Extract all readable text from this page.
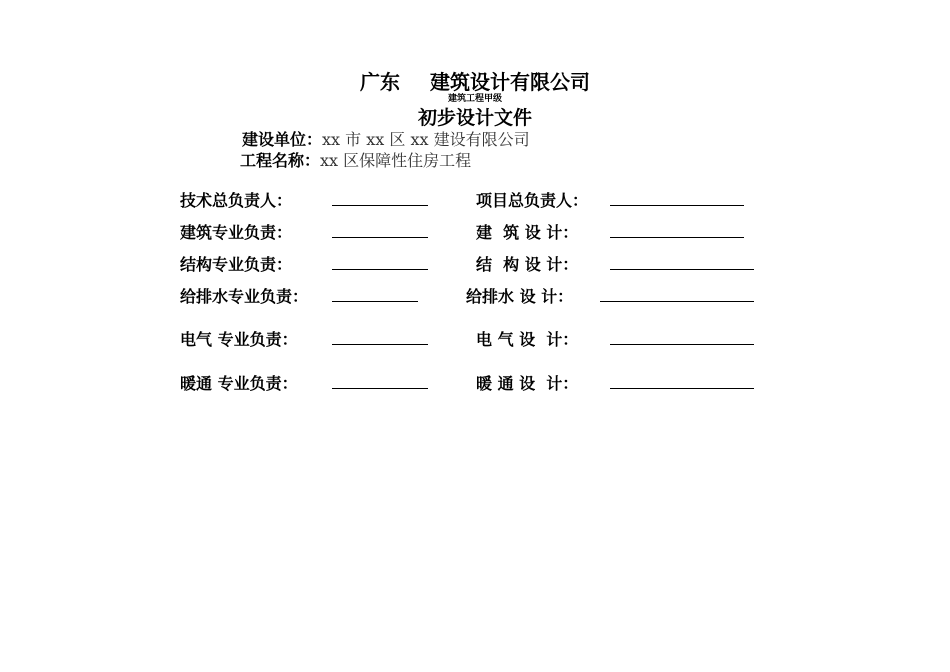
广东 建筑设计有限公司
建筑工程甲级
初步设计文件
建设单位：xx 市 xx 区 xx 建设有限公司
工程名称：xx 区保障性住房工程
技术总负责人：
建筑专业负责：
结构专业负责：
给排水专业负责：
电气 专业负责：
暖通 专业负责：
项目总负责人：
建  筑 设 计：
结  构 设 计：
给排水 设 计：
电 气 设  计：
暖 通 设  计：
